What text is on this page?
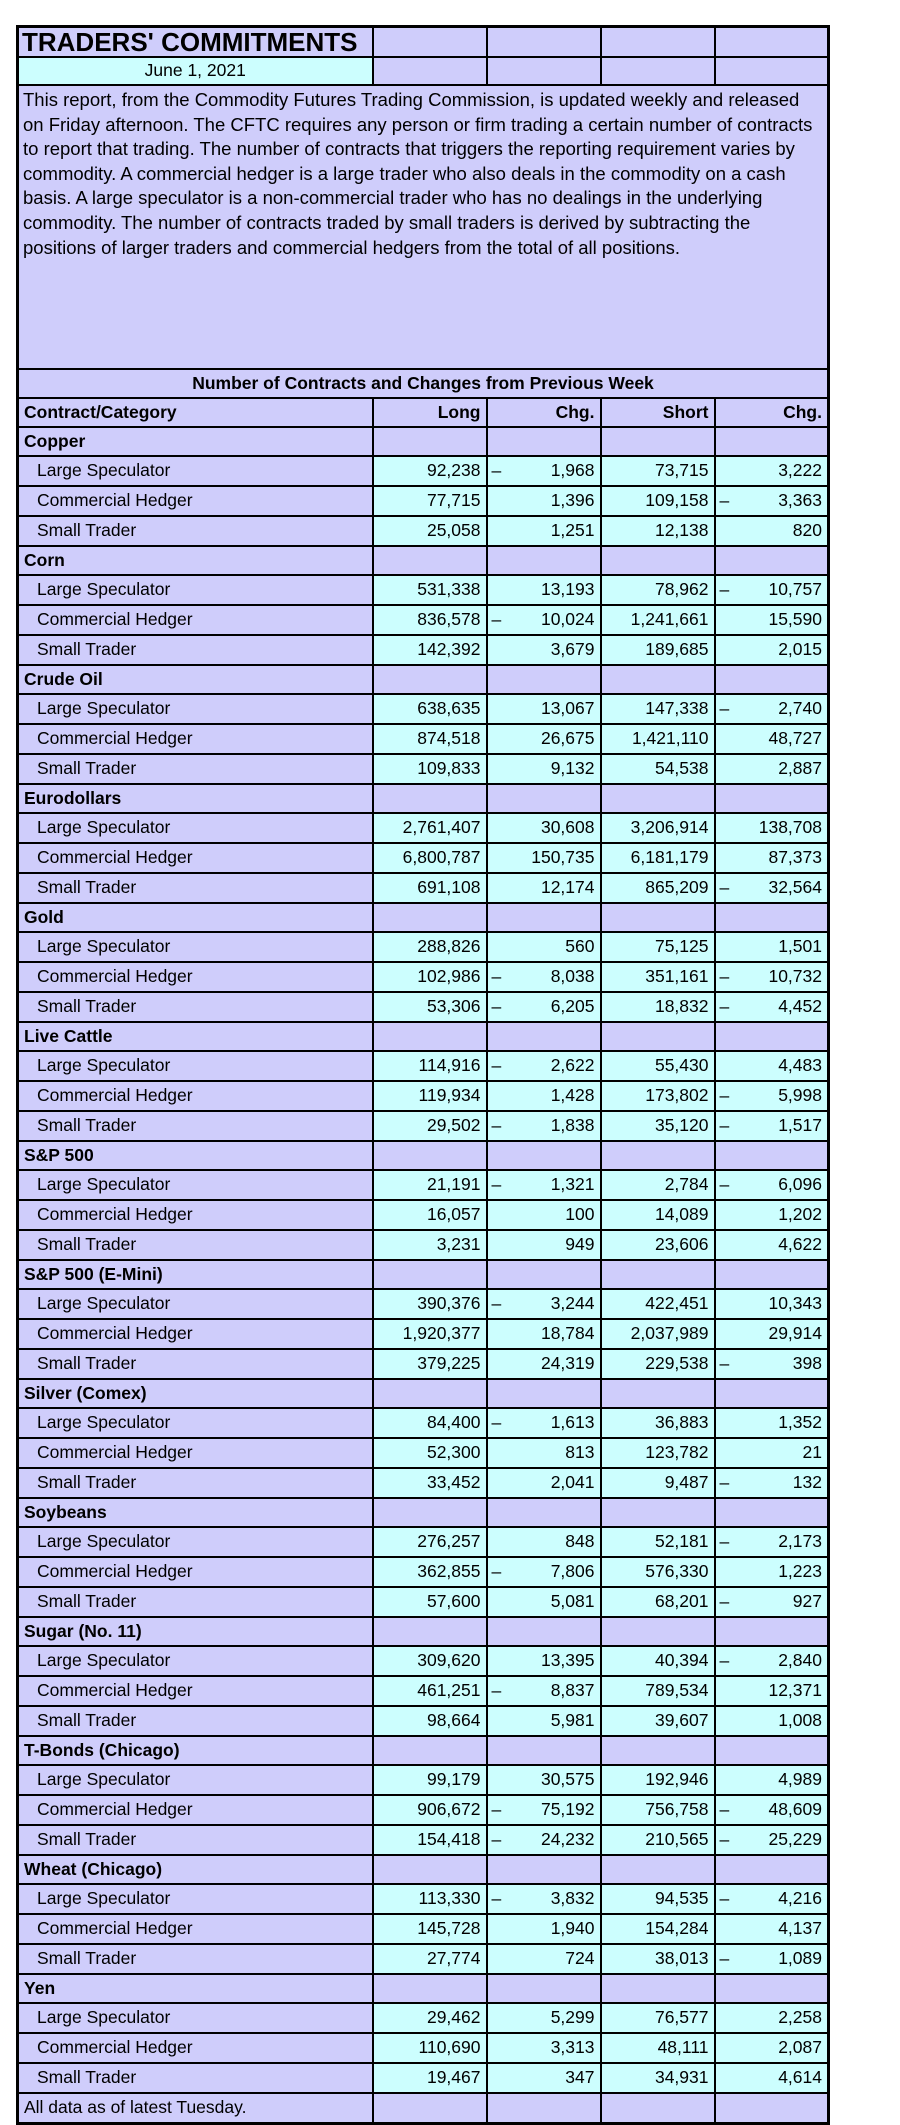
TRADERS' COMMITMENTS				
June 1, 2021				
This report, from the Commodity Futures Trading Commission, is updated weekly and released on Friday afternoon. The CFTC requires any person or firm trading a certain number of contracts to report that trading. The number of contracts that triggers the reporting requirement varies by commodity. A commercial hedger is a large trader who also deals in the commodity on a cash basis. A large speculator is a non-commercial trader who has no dealings in the underlying commodity. The number of contracts traded by small traders is derived by subtracting the positions of larger traders and commercial hedgers from the total of all positions.				
Number of Contracts and Changes from Previous Week				
Contract/Category	Long	Chg.	Short	Chg.
Copper				
Large Speculator	92,238	– 1,968	73,715	3,222
Commercial Hedger	77,715	1,396	109,158	– 3,363
Small Trader	25,058	1,251	12,138	820
Corn				
Large Speculator	531,338	13,193	78,962	– 10,757
Commercial Hedger	836,578	– 10,024	1,241,661	15,590
Small Trader	142,392	3,679	189,685	2,015
Crude Oil				
Large Speculator	638,635	13,067	147,338	– 2,740
Commercial Hedger	874,518	26,675	1,421,110	48,727
Small Trader	109,833	9,132	54,538	2,887
Eurodollars				
Large Speculator	2,761,407	30,608	3,206,914	138,708
Commercial Hedger	6,800,787	150,735	6,181,179	87,373
Small Trader	691,108	12,174	865,209	– 32,564
Gold				
Large Speculator	288,826	560	75,125	1,501
Commercial Hedger	102,986	– 8,038	351,161	– 10,732
Small Trader	53,306	– 6,205	18,832	– 4,452
Live Cattle				
Large Speculator	114,916	– 2,622	55,430	4,483
Commercial Hedger	119,934	1,428	173,802	– 5,998
Small Trader	29,502	– 1,838	35,120	– 1,517
S&P 500				
Large Speculator	21,191	– 1,321	2,784	– 6,096
Commercial Hedger	16,057	100	14,089	1,202
Small Trader	3,231	949	23,606	4,622
S&P 500 (E-Mini)				
Large Speculator	390,376	– 3,244	422,451	10,343
Commercial Hedger	1,920,377	18,784	2,037,989	29,914
Small Trader	379,225	24,319	229,538	– 398
Silver (Comex)				
Large Speculator	84,400	– 1,613	36,883	1,352
Commercial Hedger	52,300	813	123,782	21
Small Trader	33,452	2,041	9,487	– 132
Soybeans				
Large Speculator	276,257	848	52,181	– 2,173
Commercial Hedger	362,855	– 7,806	576,330	1,223
Small Trader	57,600	5,081	68,201	– 927
Sugar (No. 11)				
Large Speculator	309,620	13,395	40,394	– 2,840
Commercial Hedger	461,251	– 8,837	789,534	12,371
Small Trader	98,664	5,981	39,607	1,008
T-Bonds (Chicago)				
Large Speculator	99,179	30,575	192,946	4,989
Commercial Hedger	906,672	– 75,192	756,758	– 48,609
Small Trader	154,418	– 24,232	210,565	– 25,229
Wheat (Chicago)				
Large Speculator	113,330	– 3,832	94,535	– 4,216
Commercial Hedger	145,728	1,940	154,284	4,137
Small Trader	27,774	724	38,013	– 1,089
Yen				
Large Speculator	29,462	5,299	76,577	2,258
Commercial Hedger	110,690	3,313	48,111	2,087
Small Trader	19,467	347	34,931	4,614
All data as of latest Tuesday.				
